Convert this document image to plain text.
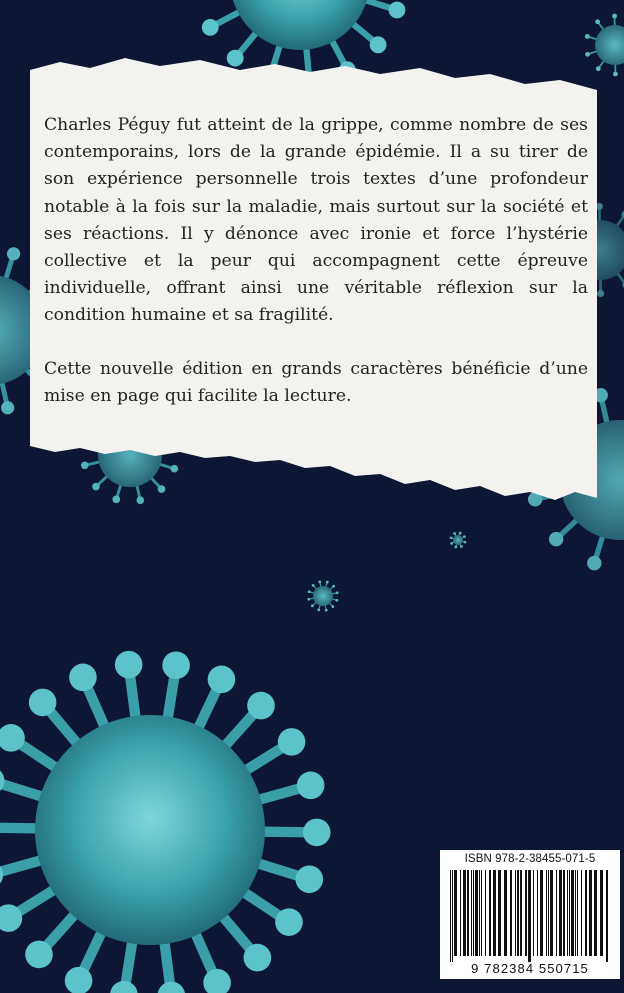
Charles Péguy fut atteint de la grippe, comme nombre de ses contemporains, lors de la grande épidémie. Il a su tirer de son expérience personnelle trois textes d’une profondeur notable à la fois sur la maladie, mais surtout sur la société et ses réactions. Il y dénonce avec ironie et force l’hystérie collective et la peur qui accompagnent cette épreuve individuelle, offrant ainsi une véritable réflexion sur la condition humaine et sa fragilité.

Cette nouvelle édition en grands caractères bénéficie d’une mise en page qui facilite la lecture.

ISBN 978-2-38455-071-5
9 782384 550715
